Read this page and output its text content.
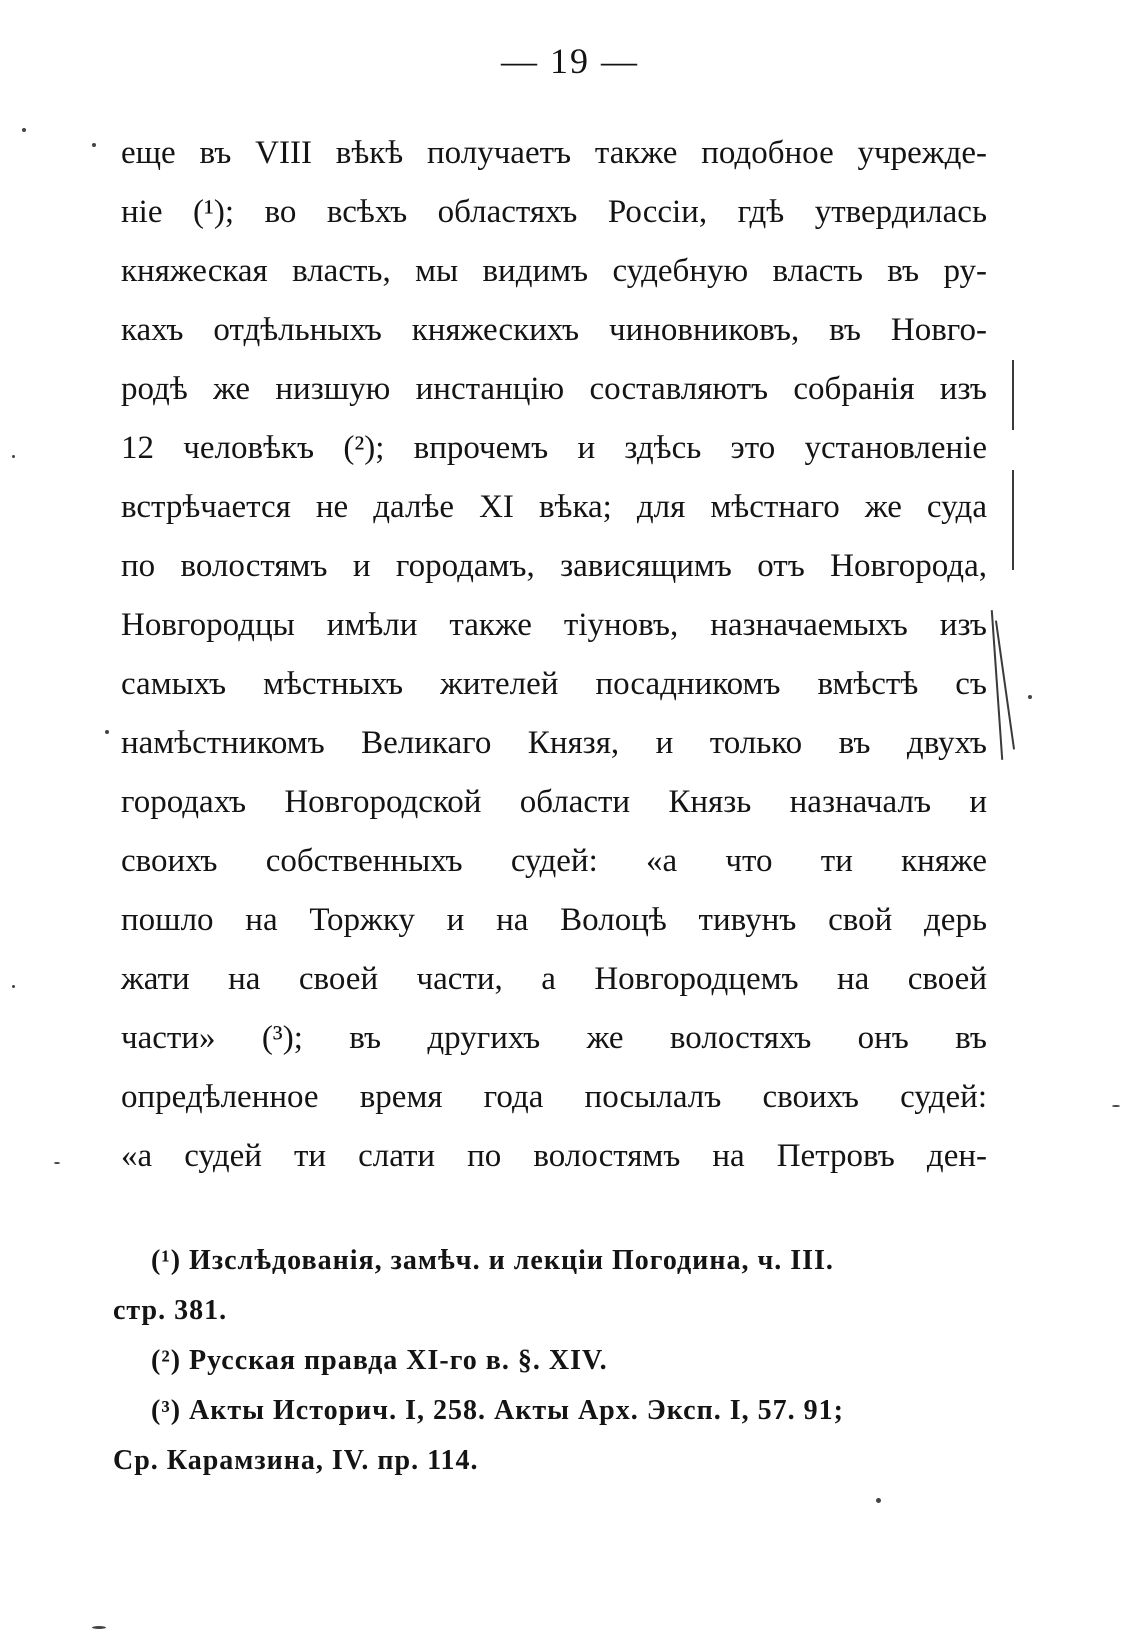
— 19 —
еще въ VIII вѣкѣ получаетъ также подобное учрежде-
ніе (¹); во всѣхъ областяхъ Россіи, гдѣ утвердилась
княжеская власть, мы видимъ судебную власть въ ру-
кахъ отдѣльныхъ княжескихъ чиновниковъ, въ Новго-
родѣ же низшую инстанцію составляютъ собранія изъ
12 человѣкъ (²); впрочемъ и здѣсь это установленіе
встрѣчается не далѣе XI вѣка; для мѣстнаго же суда
по волостямъ и городамъ, зависящимъ отъ Новгорода,
Новгородцы имѣли также тіуновъ, назначаемыхъ изъ
самыхъ мѣстныхъ жителей посадникомъ вмѣстѣ съ
намѣстникомъ Великаго Князя, и только въ двухъ
городахъ Новгородской области Князь назначалъ и
своихъ собственныхъ судей: «а что ти княже
пошло на Торжку и на Волоцѣ тивунъ свой дерь
жати на своей части, а Новгородцемъ на своей
части» (³); въ другихъ же волостяхъ онъ въ
опредѣленное время года посылалъ своихъ судей:
«а судей ти слати по волостямъ на Петровъ ден-
(¹) Изслѣдованія, замѣч. и лекціи Погодина, ч. III.
стр. 381.
(²) Русская правда XI-го в. §. XIV.
(³) Акты Историч. I, 258. Акты Арх. Эксп. I, 57. 91;
Ср. Карамзина, IV. пр. 114.
